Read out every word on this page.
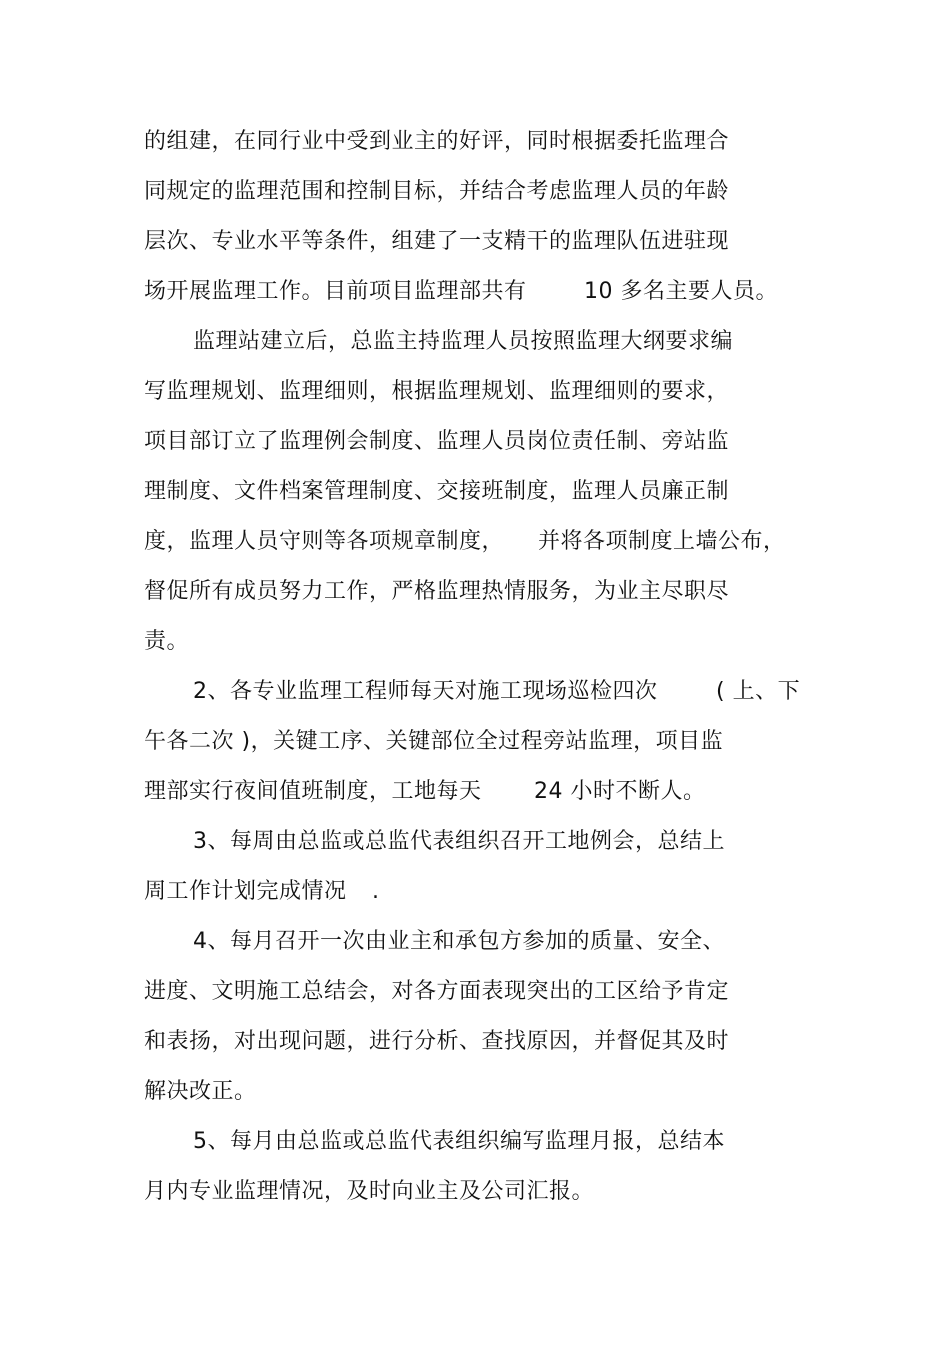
的组建，在同行业中受到业主的好评，同时根据委托监理合

同规定的监理范围和控制目标，并结合考虑监理人员的年龄

层次、专业水平等条件，组建了一支精干的监理队伍进驻现

场开展监理工作。目前项目监理部共有

	10 多名主要人员。

监理站建立后，总监主持监理人员按照监理大纲要求编

写监理规划、监理细则，根据监理规划、监理细则的要求，

项目部订立了监理例会制度、监理人员岗位责任制、旁站监

理制度、文件档案管理制度、交接班制度，监理人员廉正制

度，监理人员守则等各项规章制度，

并将各项制度上墙公布，

督促所有成员努力工作，严格监理热情服务，为业主尽职尽

责。

2、各专业监理工程师每天对施工现场巡检四次

	( 上、下

午各二次 )，关键工序、关键部位全过程旁站监理，项目监

理部实行夜间值班制度，工地每天

24 小时不断人。

3、每周由总监或总监代表组织召开工地例会，总结上

周工作计划完成情况

.

4、每月召开一次由业主和承包方参加的质量、安全、

进度、文明施工总结会，对各方面表现突出的工区给予肯定

和表扬，对出现问题，进行分析、查找原因，并督促其及时

解决改正。

5、每月由总监或总监代表组织编写监理月报，总结本

月内专业监理情况，及时向业主及公司汇报。
